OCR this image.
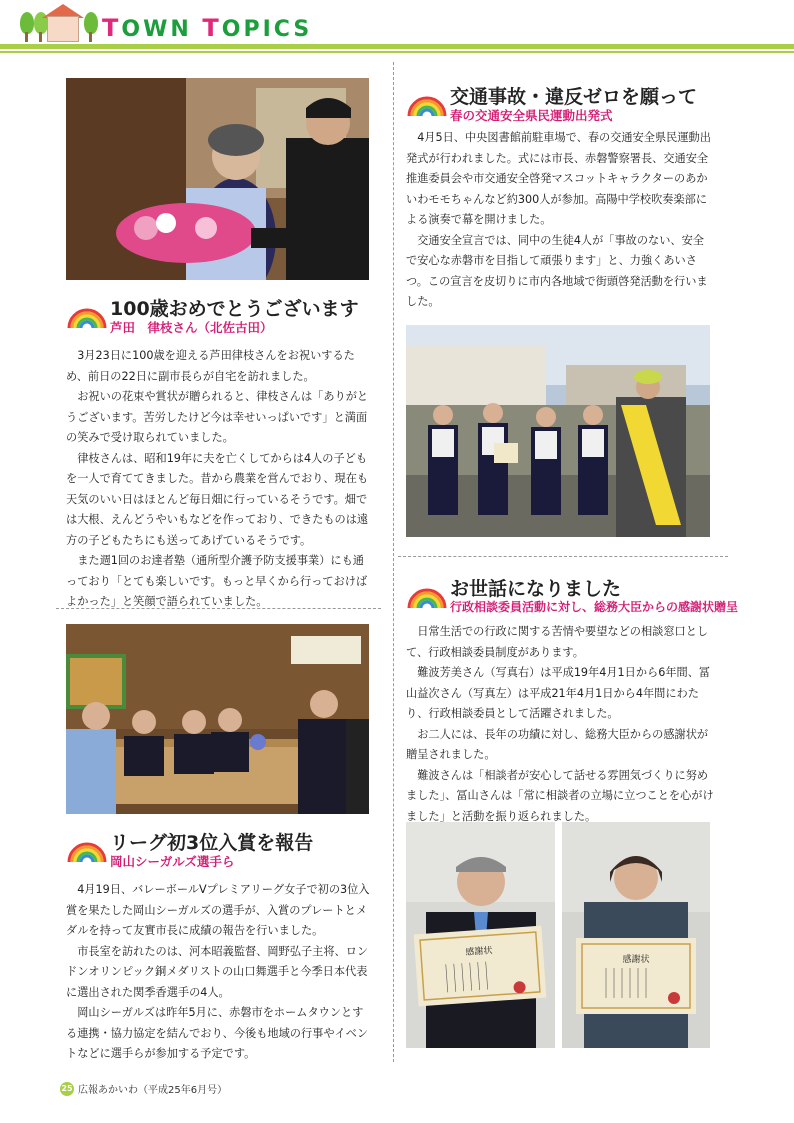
TOWN TOPICS
100歳おめでとうございます
芦田　律枝さん（北佐古田）

3月23日に100歳を迎える芦田律枝さんをお祝いするため、前日の22日に副市長らが自宅を訪れました。

お祝いの花束や賞状が贈られると、律枝さんは「ありがとうございます。苦労したけど今は幸せいっぱいです」と満面の笑みで受け取られていました。

律枝さんは、昭和19年に夫を亡くしてからは4人の子どもを一人で育ててきました。昔から農業を営んでおり、現在も天気のいい日はほとんど毎日畑に行っているそうです。畑では大根、えんどうやいもなどを作っており、できたものは遠方の子どもたちにも送ってあげているそうです。

また週1回のお達者塾（通所型介護予防支援事業）にも通っており「とても楽しいです。もっと早くから行っておけばよかった」と笑顔で語られていました。

リーグ初3位入賞を報告
岡山シーガルズ選手ら

4月19日、バレーボールVプレミアリーグ女子で初の3位入賞を果たした岡山シーガルズの選手が、入賞のプレートとメダルを持って友實市長に成績の報告を行いました。

市長室を訪れたのは、河本昭義監督、岡野弘子主将、ロンドンオリンピック銅メダリストの山口舞選手と今季日本代表に選出された関季香選手の4人。

岡山シーガルズは昨年5月に、赤磐市をホームタウンとする連携・協力協定を結んでおり、今後も地域の行事やイベントなどに選手らが参加する予定です。

交通事故・違反ゼロを願って
春の交通安全県民運動出発式

4月5日、中央図書館前駐車場で、春の交通安全県民運動出発式が行われました。式には市長、赤磐警察署長、交通安全推進委員会や市交通安全啓発マスコットキャラクターのあかいわモモちゃんなど約300人が参加。高陽中学校吹奏楽部による演奏で幕を開けました。

交通安全宣言では、同中の生徒4人が「事故のない、安全で安心な赤磐市を目指して頑張ります」と、力強くあいさつ。この宣言を皮切りに市内各地域で街頭啓発活動を行いました。

お世話になりました
行政相談委員活動に対し、総務大臣からの感謝状贈呈

日常生活での行政に関する苦情や要望などの相談窓口として、行政相談委員制度があります。

難波芳美さん（写真右）は平成19年4月1日から6年間、冨山益次さん（写真左）は平成21年4月1日から4年間にわたり、行政相談委員として活躍されました。

お二人には、長年の功績に対し、総務大臣からの感謝状が贈呈されました。

難波さんは「相談者が安心して話せる雰囲気づくりに努めました」、冨山さんは「常に相談者の立場に立つことを心がけました」と活動を振り返られました。

感謝状
感謝状
25 広報あかいわ（平成25年6月号）
